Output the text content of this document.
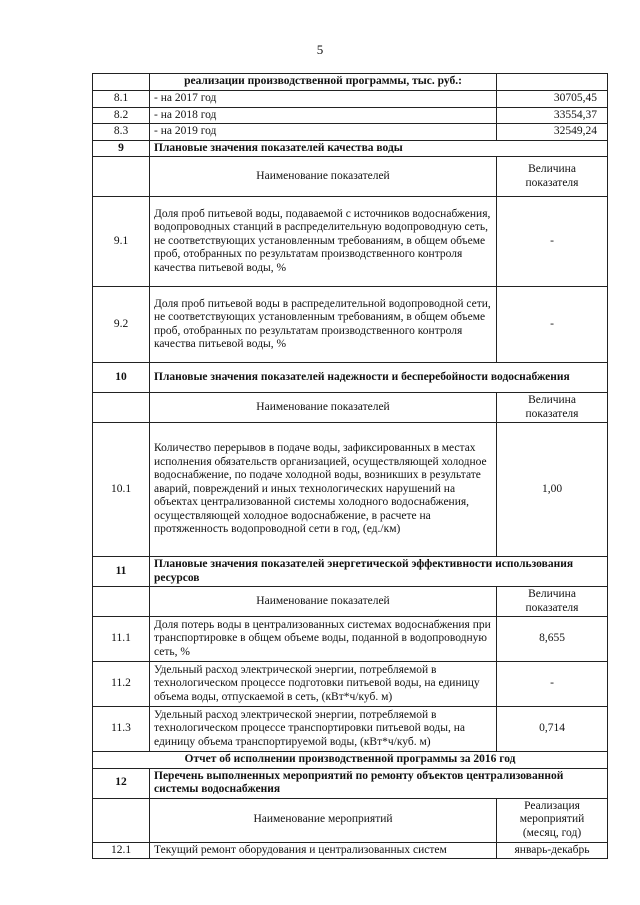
5
	реализации производственной программы, тыс. руб.:	
8.1	- на 2017 год	30705,45
8.2	- на 2018 год	33554,37
8.3	- на 2019 год	32549,24
9	Плановые значения показателей качества воды	
	Наименование показателей	Величина показателя
9.1	Доля проб питьевой воды, подаваемой с источников водоснабжения, водопроводных станций в распределительную водопроводную сеть, не соответствующих установленным требованиям, в общем объеме проб, отобранных по результатам производственного контроля качества питьевой воды, %	-
9.2	Доля проб питьевой воды в распределительной водопроводной сети, не соответствующих установленным требованиям, в общем объеме проб, отобранных по результатам производственного контроля качества питьевой воды, %	-
10	Плановые значения показателей надежности и бесперебойности водоснабжения	
	Наименование показателей	Величина показателя
10.1	Количество перерывов в подаче воды, зафиксированных в местах исполнения обязательств организацией, осуществляющей холодное водоснабжение, по подаче холодной воды, возникших в результате аварий, повреждений и иных технологических нарушений на объектах централизованной системы холодного водоснабжения, осуществляющей холодное водоснабжение, в расчете на протяженность водопроводной сети в год, (ед./км)	1,00
11	Плановые значения показателей энергетической эффективности использования ресурсов	
	Наименование показателей	Величина показателя
11.1	Доля потерь воды в централизованных системах водоснабжения при транспортировке в общем объеме воды, поданной в водопроводную сеть, %	8,655
11.2	Удельный расход электрической энергии, потребляемой в технологическом процессе подготовки питьевой воды, на единицу объема воды, отпускаемой в сеть, (кВт*ч/куб. м)	-
11.3	Удельный расход электрической энергии, потребляемой в технологическом процессе транспортировки питьевой воды, на единицу объема транспортируемой воды, (кВт*ч/куб. м)	0,714
Отчет об исполнении производственной программы за 2016 год		
12	Перечень выполненных мероприятий по ремонту объектов централизованной системы водоснабжения	
	Наименование мероприятий	Реализация мероприятий (месяц, год)
12.1	Текущий ремонт оборудования и централизованных систем	январь-декабрь
